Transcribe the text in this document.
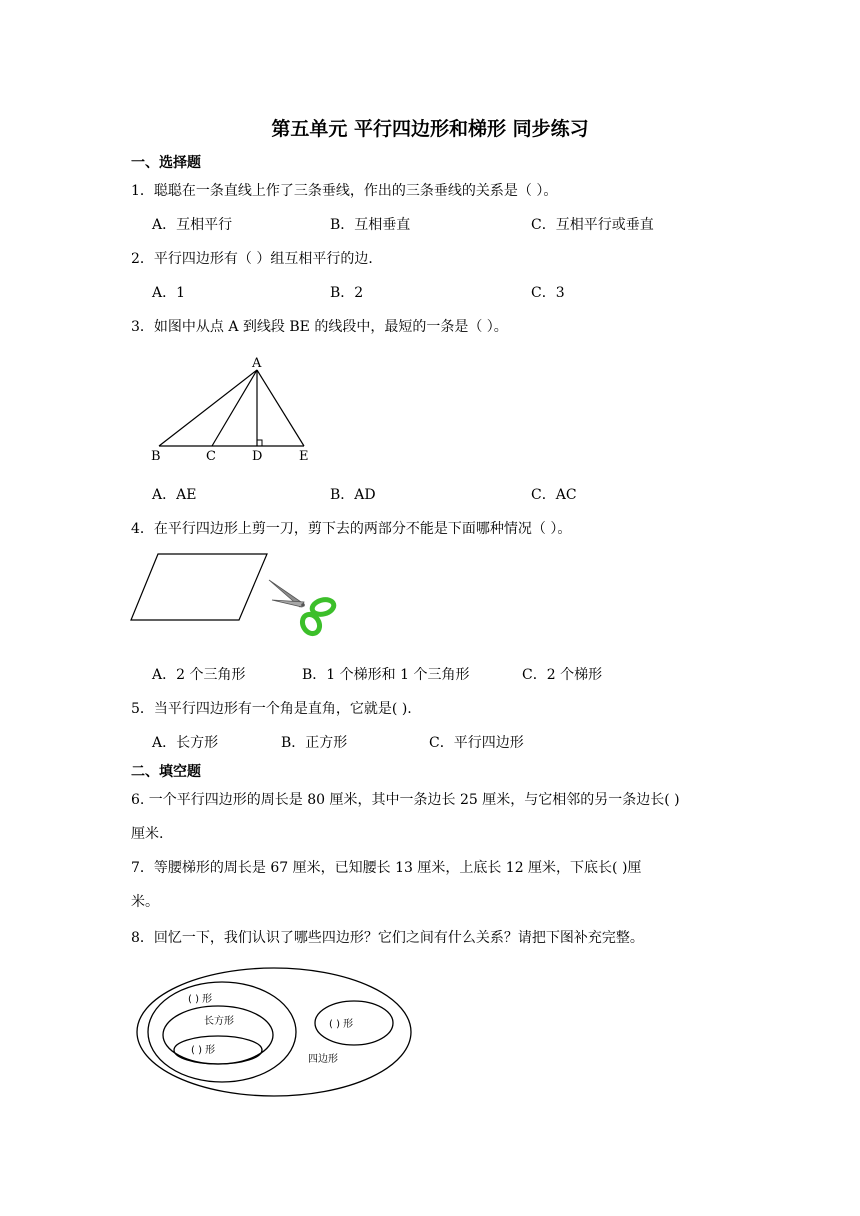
第五单元 平行四边形和梯形 同步练习
一、选择题
1．聪聪在一条直线上作了三条垂线，作出的三条垂线的关系是（ ）。
A．互相平行	B．互相垂直	C．互相平行或垂直
2．平行四边形有（ ）组互相平行的边．
A．1	B．2	C．3
3．如图中从点 A 到线段 BE 的线段中，最短的一条是（ ）。
A
B	C	D	E
A．AE	B．AD	C．AC
4．在平行四边形上剪一刀，剪下去的两部分不能是下面哪种情况（ ）。
A．2 个三角形	B．1 个梯形和 1 个三角形	C．2 个梯形
5．当平行四边形有一个角是直角，它就是( ).
A．长方形	B．正方形	C．平行四边形
二、填空题
6. 一个平行四边形的周长是 80 厘米，其中一条边长 25 厘米，与它相邻的另一条边长( )
厘米.
7．等腰梯形的周长是 67 厘米，已知腰长 13 厘米，上底长 12 厘米，下底长( )厘
米。
8．回忆一下，我们认识了哪些四边形？它们之间有什么关系？请把下图补充完整。
( ) 形
长方形
( ) 形
( ) 形
四边形
